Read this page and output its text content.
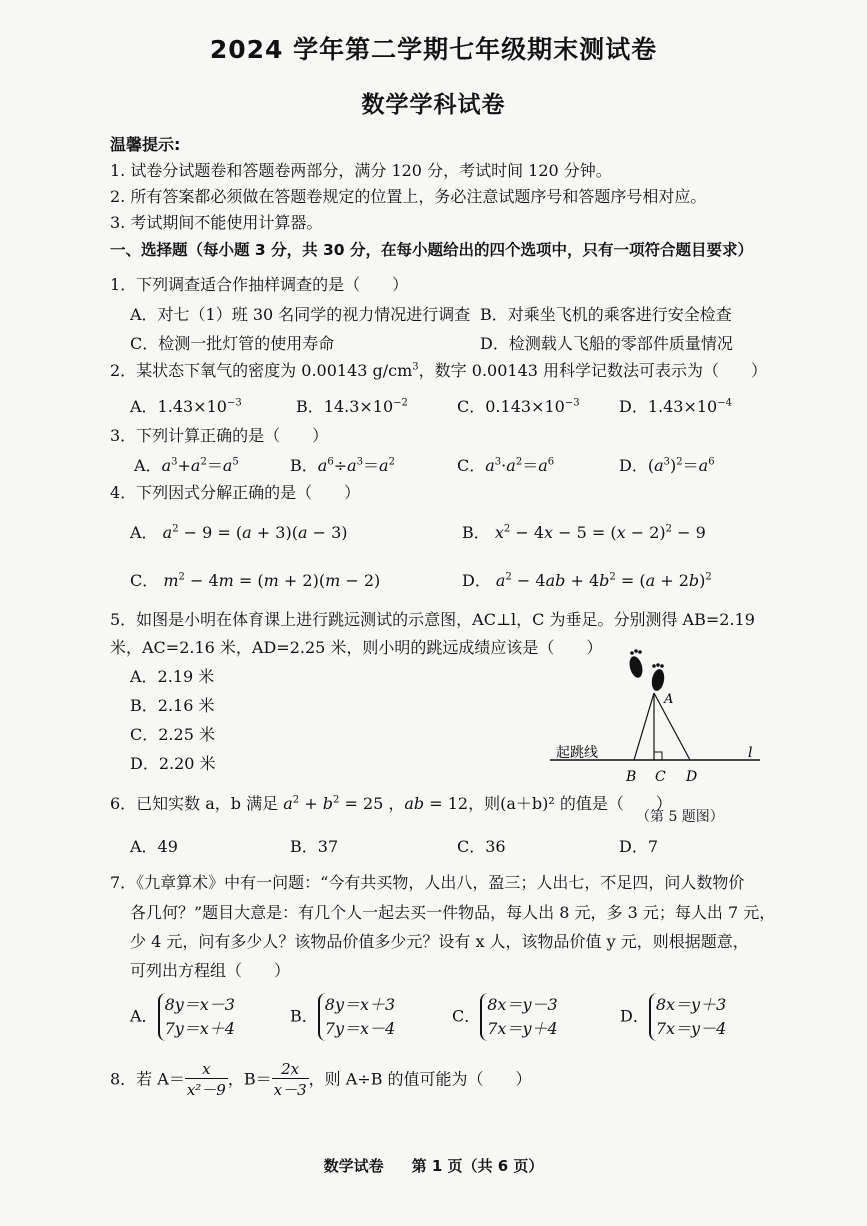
2024 学年第二学期七年级期末测试卷
数学学科试卷
温馨提示:
1. 试卷分试题卷和答题卷两部分，满分 120 分，考试时间 120 分钟。
2. 所有答案都必须做在答题卷规定的位置上，务必注意试题序号和答题序号相对应。
3. 考试期间不能使用计算器。
一、选择题（每小题 3 分，共 30 分，在每小题给出的四个选项中，只有一项符合题目要求）
1．下列调查适合作抽样调查的是（　　）
A．对七（1）班 30 名同学的视力情况进行调查 B．对乘坐飞机的乘客进行安全检查
C．检测一批灯管的使用寿命	D．检测载人飞船的零部件质量情况
2．某状态下氧气的密度为 0.00143 $g/cm^3$，数字 0.00143 用科学记数法可表示为（　　）
A．$1.43\times 10^{-3}$	B．$14.3\times 10^{-2}$	C．$0.143\times 10^{-3}$ D．$1.43\times 10^{-4}$
3．下列计算正确的是（　　）
A．$a^3+a^2=a^5$	B．$a^6\div a^3=a^2$	C．$a^3\cdot a^2=a^6$	D．$(a^3)^2=a^6$
4．下列因式分解正确的是（　　）
A． $a^2 - 9 = (a + 3)(a - 3)$	B． $x^2 - 4x - 5 = (x - 2)^2 - 9$
C． $m^2 - 4m = (m + 2)(m - 2)$	D． $a^2 - 4ab + 4b^2 = (a + 2b)^2$
5．如图是小明在体育课上进行跳远测试的示意图，AC⊥l，C 为垂足。分别测得 AB=2.19
米，AC=2.16 米，AD=2.25 米，则小明的跳远成绩应该是（　　）
A．2.19 米
B．2.16 米
C．2.25 米
D．2.20 米
起跳线	l
A
B C D
6．已知实数 a，b 满足 $a^2 + b^2 = 25$ ，ab = 12，则(a＋b)² 的值是（　　）
（第 5 题图）
A．49	B．37	C．36	D．7
7．《九章算术》中有一问题：“今有共买物，人出八，盈三；人出七，不足四，问人数物价
各几何？”题目大意是：有几个人一起去买一件物品，每人出 8 元，多 3 元；每人出 7 元，
少 4 元，问有多少人？该物品价值多少元？设有 x 人，该物品价值 y 元，则根据题意，
可列出方程组（　　）
A．
8y＝x－3
7y＝x＋4
B．
8y＝x＋3
7y＝x－4
C．
8x＝y－3
7x＝y＋4
D．
8x＝y＋3
7x＝y－4
8．若 $A= \frac{x}{\text{x²－9}}$ ，$B= \frac{2x}{x-3}$ ，则 A÷B 的值可能为（　　）
数学试卷 第 1 页（共 6 页）
